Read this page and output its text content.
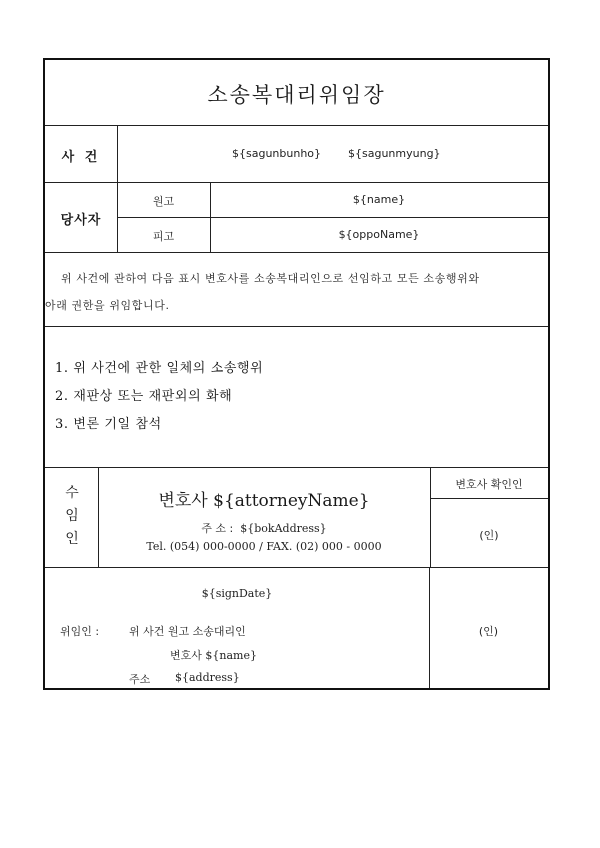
소송복대리위임장
사 건	${sagunbunho} ${sagunmyung}
당사자
원고	${name}
피고	${oppoName}
위 사건에 관하여 다음 표시 변호사를 소송복대리인으로 선임하고 모든 소송행위와
아래 권한을 위임합니다.
1. 위 사건에 관한 일체의 소송행위
2. 재판상 또는 재판외의 화해
3. 변론 기일 참석
수
임
인
변호사 ${attorneyName}
주 소 : ${bokAddress}
Tel. (054) 000-0000 / FAX. (02) 000 - 0000
변호사 확인인
(인)
${signDate}
위임인 :	위 사건 원고 소송대리인
변호사 ${name}
주소 ${address}
(인)
